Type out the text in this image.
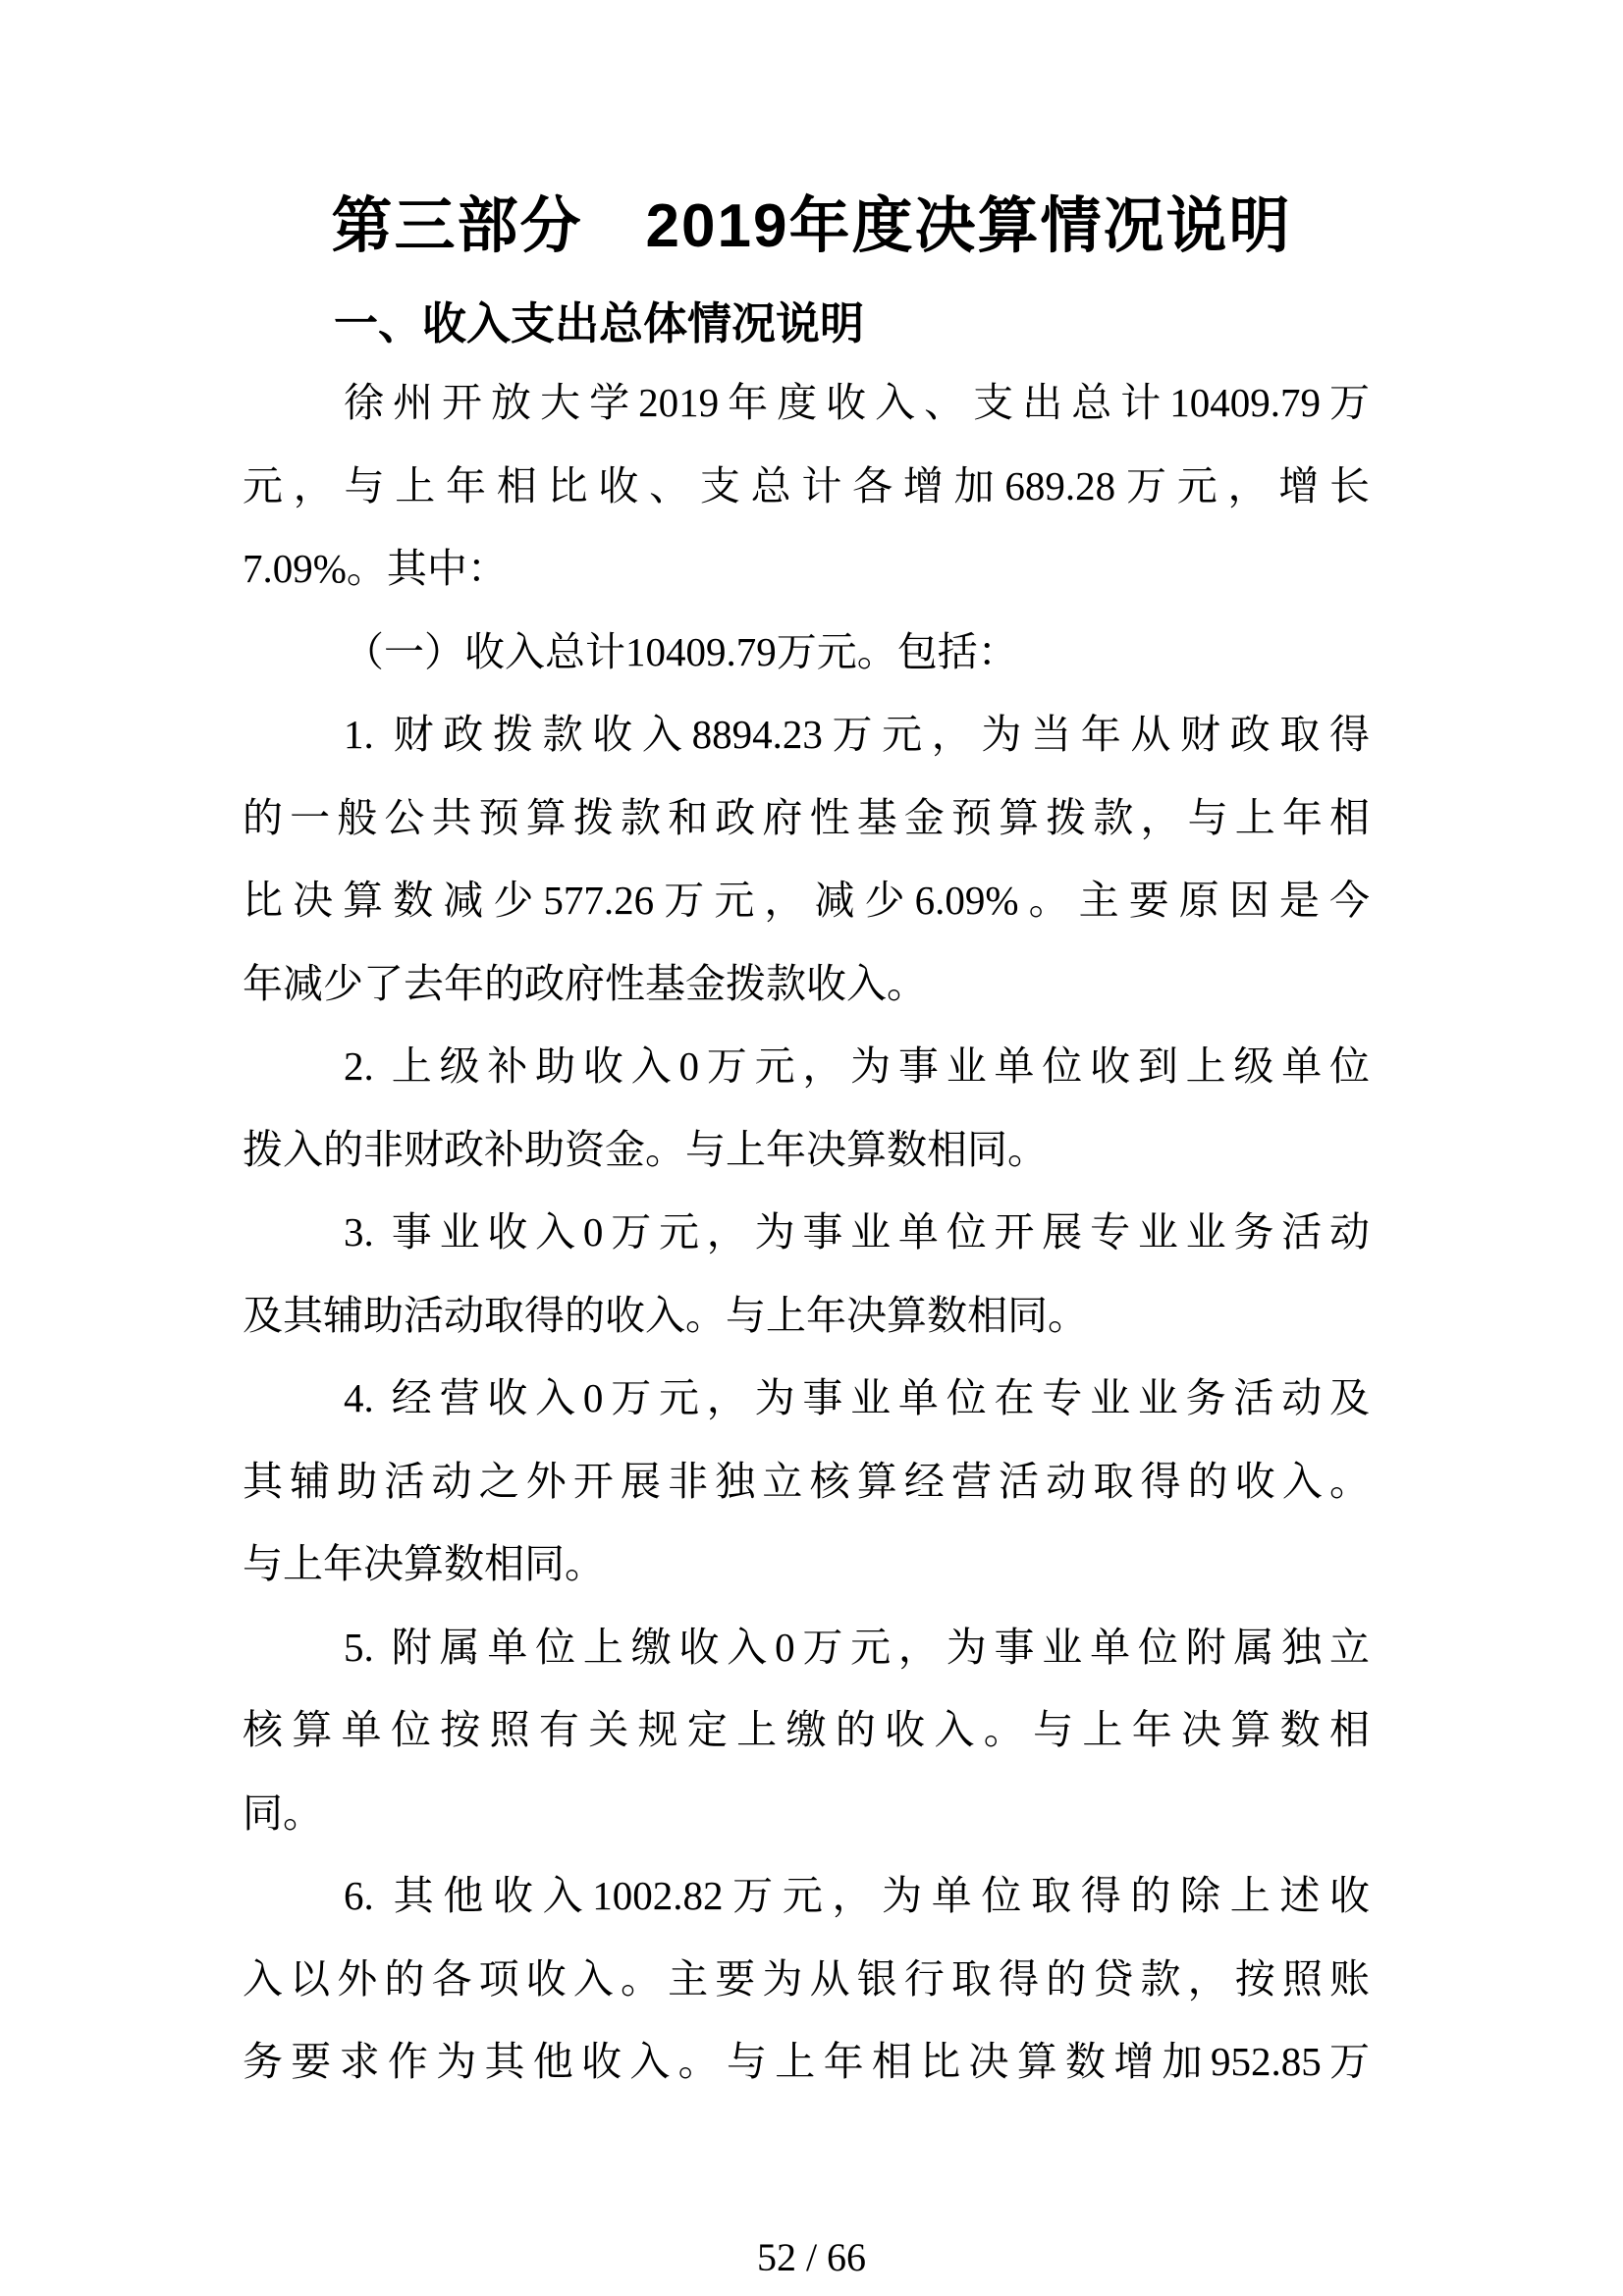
第三部分　2019年度决算情况说明
一、收入支出总体情况说明
徐州开放大学2019年度收入、支出总计10409.79万
元，与上年相比收、支总计各增加689.28万元，增长
7.09%。其中：
（一）收入总计10409.79万元。包括：
1. 财政拨款收入8894.23万元，为当年从财政取得
的一般公共预算拨款和政府性基金预算拨款，与上年相
比决算数减少577.26万元，减少6.09%。主要原因是今
年减少了去年的政府性基金拨款收入。
2. 上级补助收入0万元，为事业单位收到上级单位
拨入的非财政补助资金。与上年决算数相同。
3. 事业收入0万元，为事业单位开展专业业务活动
及其辅助活动取得的收入。与上年决算数相同。
4. 经营收入0万元，为事业单位在专业业务活动及
其辅助活动之外开展非独立核算经营活动取得的收入。
与上年决算数相同。
5. 附属单位上缴收入0万元，为事业单位附属独立
核算单位按照有关规定上缴的收入。与上年决算数相
同。
6. 其他收入1002.82万元，为单位取得的除上述收
入以外的各项收入。主要为从银行取得的贷款，按照账
务要求作为其他收入。与上年相比决算数增加952.85万
52 / 66
